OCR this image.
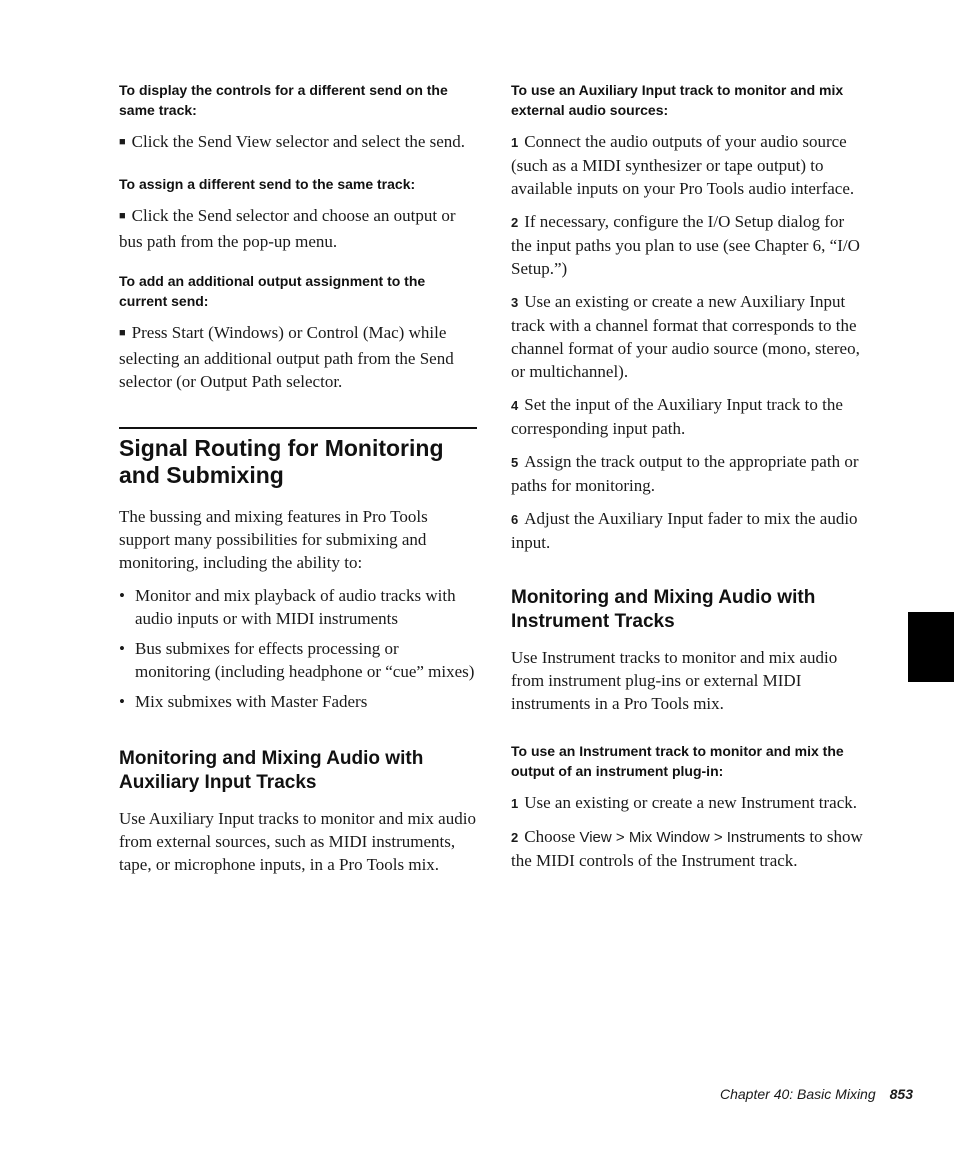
To display the controls for a different send on the same track:

■ Click the Send View selector and select the send.

To assign a different send to the same track:

■ Click the Send selector and choose an output or bus path from the pop-up menu.

To add an additional output assignment to the current send:

■ Press Start (Windows) or Control (Mac) while selecting an additional output path from the Send selector (or Output Path selector.

Signal Routing for Monitoring and Submixing

The bussing and mixing features in Pro Tools support many possibilities for submixing and monitoring, including the ability to:

• Monitor and mix playback of audio tracks with audio inputs or with MIDI instruments
• Bus submixes for effects processing or monitoring (including headphone or “cue” mixes)
• Mix submixes with Master Faders
Monitoring and Mixing Audio with Auxiliary Input Tracks

Use Auxiliary Input tracks to monitor and mix audio from external sources, such as MIDI instruments, tape, or microphone inputs, in a Pro Tools mix.

To use an Auxiliary Input track to monitor and mix external audio sources:

1 Connect the audio outputs of your audio source (such as a MIDI synthesizer or tape output) to available inputs on your Pro Tools audio interface.

2 If necessary, configure the I/O Setup dialog for the input paths you plan to use (see Chapter 6, “I/O Setup.”)

3 Use an existing or create a new Auxiliary Input track with a channel format that corresponds to the channel format of your audio source (mono, stereo, or multichannel).

4 Set the input of the Auxiliary Input track to the corresponding input path.

5 Assign the track output to the appropriate path or paths for monitoring.

6 Adjust the Auxiliary Input fader to mix the audio input.

Monitoring and Mixing Audio with Instrument Tracks

Use Instrument tracks to monitor and mix audio from instrument plug-ins or external MIDI instruments in a Pro Tools mix.

To use an Instrument track to monitor and mix the output of an instrument plug-in:

1 Use an existing or create a new Instrument track.

2 Choose View > Mix Window > Instruments to show the MIDI controls of the Instrument track.

Chapter 40: Basic Mixing 853
